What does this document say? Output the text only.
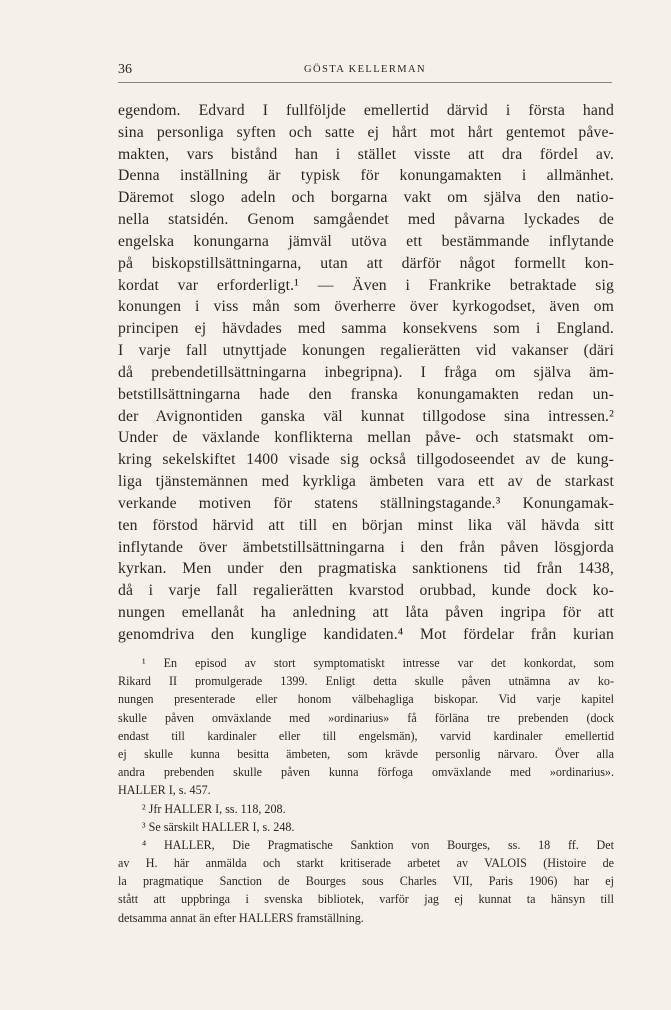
36	GÖSTA KELLERMAN
egendom. Edvard I fullföljde emellertid därvid i första hand
sina personliga syften och satte ej hårt mot hårt gentemot påve-
makten, vars bistånd han i stället visste att dra fördel av.
Denna inställning är typisk för konungamakten i allmänhet.
Däremot slogo adeln och borgarna vakt om själva den natio-
nella statsidén. Genom samgåendet med påvarna lyckades de
engelska konungarna jämväl utöva ett bestämmande inflytande
på biskopstillsättningarna, utan att därför något formellt kon-
kordat var erforderligt.¹ — Även i Frankrike betraktade sig
konungen i viss mån som överherre över kyrkogodset, även om
principen ej hävdades med samma konsekvens som i England.
I varje fall utnyttjade konungen regalierätten vid vakanser (däri
då prebendetillsättningarna inbegripna). I fråga om själva äm-
betstillsättningarna hade den franska konungamakten redan un-
der Avignontiden ganska väl kunnat tillgodose sina intressen.²
Under de växlande konflikterna mellan påve- och statsmakt om-
kring sekelskiftet 1400 visade sig också tillgodoseendet av de kung-
liga tjänstemännen med kyrkliga ämbeten vara ett av de starkast
verkande motiven för statens ställningstagande.³ Konungamak-
ten förstod härvid att till en början minst lika väl hävda sitt
inflytande över ämbetstillsättningarna i den från påven lösgjorda
kyrkan. Men under den pragmatiska sanktionens tid från 1438,
då i varje fall regalierätten kvarstod orubbad, kunde dock ko-
nungen emellanåt ha anledning att låta påven ingripa för att
genomdriva den kunglige kandidaten.⁴ Mot fördelar från kurian
¹ En episod av stort symptomatiskt intresse var det konkordat, som
Rikard II promulgerade 1399. Enligt detta skulle påven utnämna av ko-
nungen presenterade eller honom välbehagliga biskopar. Vid varje kapitel
skulle påven omväxlande med »ordinarius» få förläna tre prebenden (dock
endast till kardinaler eller till engelsmän), varvid kardinaler emellertid
ej skulle kunna besitta ämbeten, som krävde personlig närvaro. Över alla
andra prebenden skulle påven kunna förfoga omväxlande med »ordinarius».
HALLER I, s. 457.
² Jfr HALLER I, ss. 118, 208.
³ Se särskilt HALLER I, s. 248.
⁴ HALLER, Die Pragmatische Sanktion von Bourges, ss. 18 ff. Det
av H. här anmälda och starkt kritiserade arbetet av VALOIS (Histoire de
la pragmatique Sanction de Bourges sous Charles VII, Paris 1906) har ej
stått att uppbringa i svenska bibliotek, varför jag ej kunnat ta hänsyn till
detsamma annat än efter HALLERS framställning.
